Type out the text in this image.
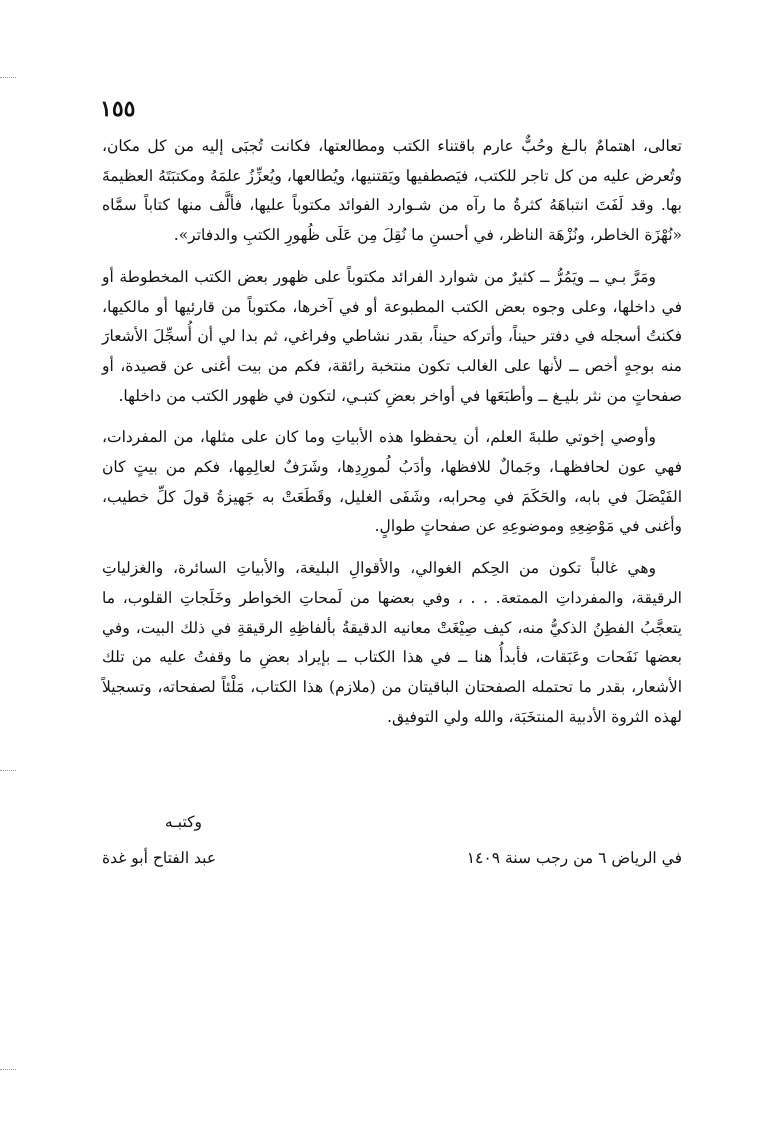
١٥٥

تعالى، اهتمامٌ بالـغ وحُبٌّ عارم باقتناء الكتب ومطالعتها، فكانت تُجبَى إليه من كل مكان، وتُعرض عليه من كل تاجر للكتب، فيَصطفيها ويَقتنيها، ويُطالعها، ويُعزِّزُ علمَهُ ومكتبَتَهُ العظيمةَ بها. وقد لَفَتَ انتباهَهُ كثرةُ ما رآه من شـوارد الفوائد مكتوباً عليها، فألَّف منها كتاباً سمَّاه «نُهْزَة الخاطر، ونُزْهَة الناظر، في أحسنِ ما نُقِلَ مِن عَلَى ظُهورِ الكتبِ والدفاتر».

ومَرَّ بـي ــ ويَمُرُّ ــ كثيرٌ من شوارد الفرائد مكتوباً على ظهور بعض الكتب المخطوطة أو في داخلها، وعلى وجوه بعض الكتب المطبوعة أو في آخرها، مكتوباً من قارئيها أو مالكيها، فكنتُ أسجله في دفتر حيناً، وأتركه حيناً، بقدر نشاطي وفراغي، ثم بدا لي أن أُسجِّلَ الأشعارَ منه بوجهٍ أخص ــ لأنها على الغالب تكون منتخبة رائقة، فكم من بيت أغنى عن قصيدة، أو صفحاتٍ من نثر بليـغ ــ وأطبَعَها في أواخر بعضِ كتبـي، لتكون في ظهور الكتب من داخلها.

وأوصي إخوتي طلبةَ العلم، أن يحفظوا هذه الأبياتِ وما كان على مثلها، من المفردات، فهي عون لحافظهـا، وجَمالٌ للافظها، وأدَبُ لُمورِدِها، وشَرَفٌ لعالِمِها، فكم من بيتٍ كان الفَيْصَلَ في بابه، والحَكَمَ في مِحرابه، وشَفَى الغليل، وقَطَعَتْ به جَهيزةُ قولَ كلِّ خطيب، وأغنى في مَوْضِعِهِ وموضوعِهِ عن صفحاتٍ طوالٍ.

وهي غالباً تكون من الحِكم الغوالي، والأقوالِ البليغة، والأبياتِ السائرة، والغزلياتِ الرقيقة، والمفرداتِ الممتعة. . . ، وفي بعضها من لَمحاتِ الخواطر وخَلَجاتِ القلوب، ما يتعجَّبُ الفطِنُ الذكيُّ منه، كيف صِيْغَتْ معانيه الدقيقةُ بألفاظِهِ الرقيقةِ في ذلك البيت، وفي بعضها نَفَحات وعَبَقات، فأبدأُ هنا ــ في هذا الكتاب ــ بإيراد بعضِ ما وقفتُ عليه من تلك الأشعار، بقدر ما تحتمله الصفحتان الباقيتان من (ملازم) هذا الكتاب، مَلْئاً لصفحاته، وتسجيلاً لهذه الثروة الأدبية المنتخَبَة، والله ولي التوفيق.

وكتبـه
في الرياض ٦ من رجب سنة ١٤٠٩
عبد الفتاح أبو غدة
